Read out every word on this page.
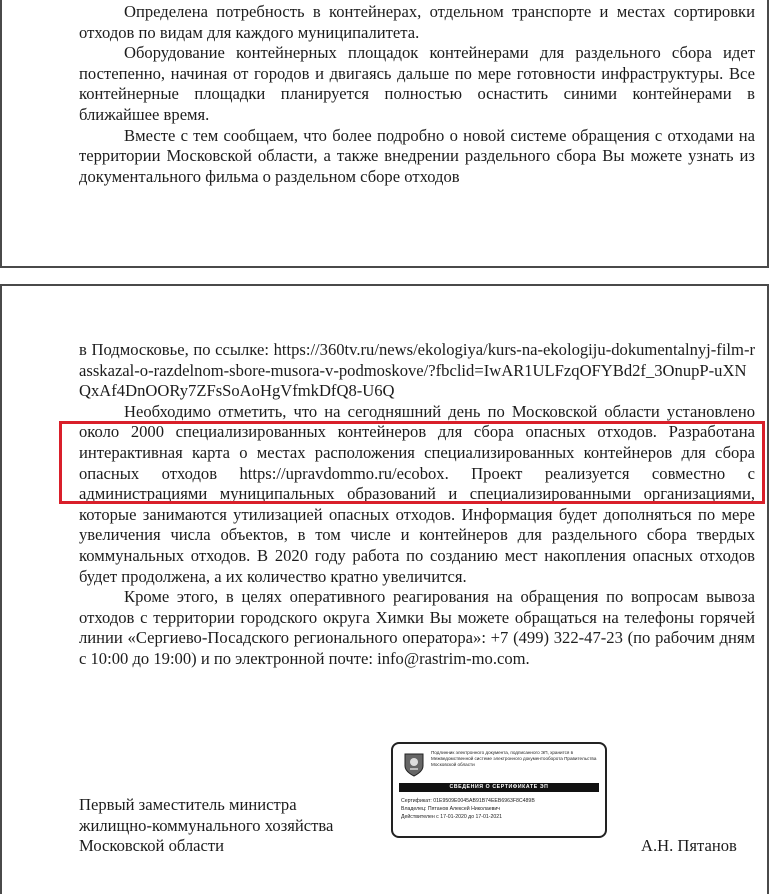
Определена потребность в контейнерах, отдельном транспорте и местах сортировки отходов по видам для каждого муниципалитета.

Оборудование контейнерных площадок контейнерами для раздельного сбора идет постепенно, начиная от городов и двигаясь дальше по мере готовности инфраструктуры. Все контейнерные площадки планируется полностью оснастить синими контейнерами в ближайшее время.

Вместе с тем сообщаем, что более подробно о новой системе обращения с отходами на территории Московской области, а также внедрении раздельного сбора Вы можете узнать из документального фильма о раздельном сборе отходов

в Подмосковье, по ссылке: https://360tv.ru/news/ekologiya/kurs-na-ekologiju-dokumentalnyj-film-rasskazal-o-razdelnom-sbore-musora-v-podmoskove/?fbclid=IwAR1ULFzqOFYBd2f_3OnupP-uXNQxAf4DnOORy7ZFsSoAoHgVfmkDfQ8-U6Q

Необходимо отметить, что на сегодняшний день по Московской области установлено около 2000 специализированных контейнеров для сбора опасных отходов. Разработана интерактивная карта о местах расположения специализированных контейнеров для сбора опасных отходов https://upravdommo.ru/ecobox. Проект реализуется совместно с администрациями муниципальных образований и специализированными организациями, которые занимаются утилизацией опасных отходов. Информация будет дополняться по мере увеличения числа объектов, в том числе и контейнеров для раздельного сбора твердых коммунальных отходов. В 2020 году работа по созданию мест накопления опасных отходов будет продолжена, а их количество кратно увеличится.

Кроме этого, в целях оперативного реагирования на обращения по вопросам вывоза отходов с территории городского округа Химки Вы можете обращаться на телефоны горячей линии «Сергиево-Посадского регионального оператора»: +7 (499) 322-47-23 (по рабочим дням с 10:00 до 19:00) и по электронной почте: info@rastrim-mo.com.

Подлинник электронного документа, подписанного ЭП, хранится в Межведомственной системе электронного документооборота Правительства Московской области
СВЕДЕНИЯ О СЕРТИФИКАТЕ ЭП
Сертификат: 01E9509E0045AB91B74EEB6963F8C489B
Владелец: Пятанов Алексей Николаевич
Действителен с 17-01-2020 до 17-01-2021
Первый заместитель министра
жилищно-коммунального хозяйства
Московской области	А.Н. Пятанов
